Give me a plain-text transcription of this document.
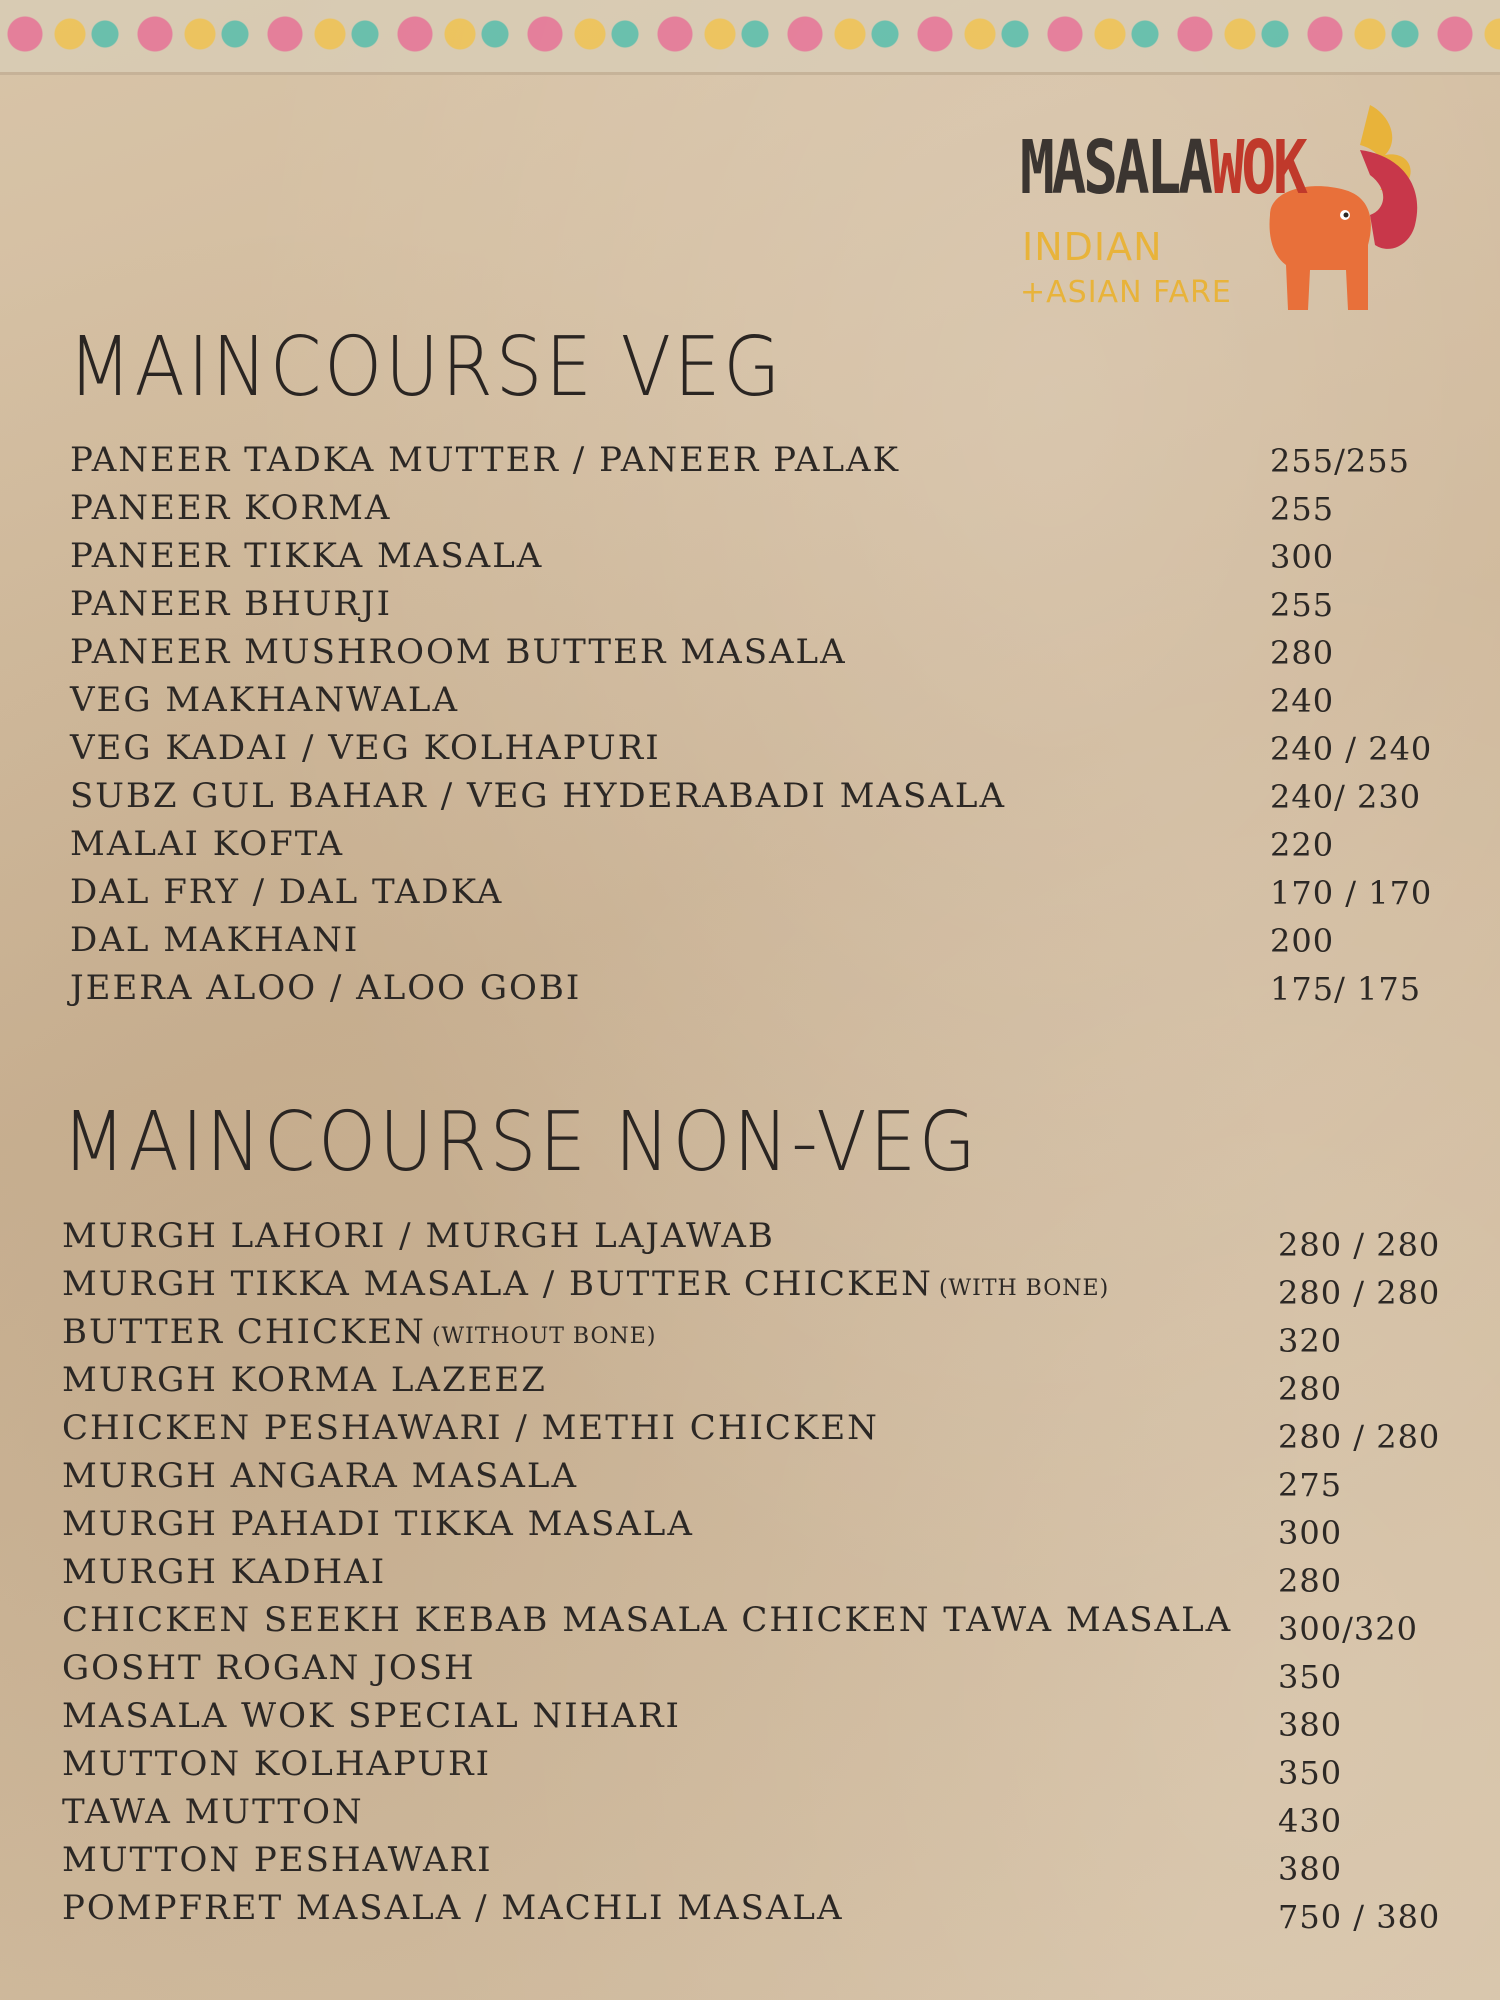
MASALAWOK
INDIAN
+ASIAN FARE
MAINCOURSE VEG
PANEER TADKA MUTTER / PANEER PALAK	255/255
PANEER KORMA	255
PANEER TIKKA MASALA	300
PANEER BHURJI	255
PANEER MUSHROOM BUTTER MASALA	280
VEG MAKHANWALA	240
VEG KADAI / VEG KOLHAPURI	240 / 240
SUBZ GUL BAHAR / VEG HYDERABADI MASALA	240/ 230
MALAI KOFTA	220
DAL FRY / DAL TADKA	170 / 170
DAL MAKHANI	200
JEERA ALOO / ALOO GOBI	175/ 175
MAINCOURSE NON-VEG
MURGH LAHORI / MURGH LAJAWAB	280 / 280
MURGH TIKKA MASALA / BUTTER CHICKEN (WITH BONE)	280 / 280
BUTTER CHICKEN (WITHOUT BONE)	320
MURGH KORMA LAZEEZ	280
CHICKEN PESHAWARI / METHI CHICKEN	280 / 280
MURGH ANGARA MASALA	275
MURGH PAHADI TIKKA MASALA	300
MURGH KADHAI	280
CHICKEN SEEKH KEBAB MASALA CHICKEN TAWA MASALA 300/320
GOSHT ROGAN JOSH	350
MASALA WOK SPECIAL NIHARI	380
MUTTON KOLHAPURI	350
TAWA MUTTON	430
MUTTON PESHAWARI	380
POMPFRET MASALA / MACHLI MASALA	750 / 380
